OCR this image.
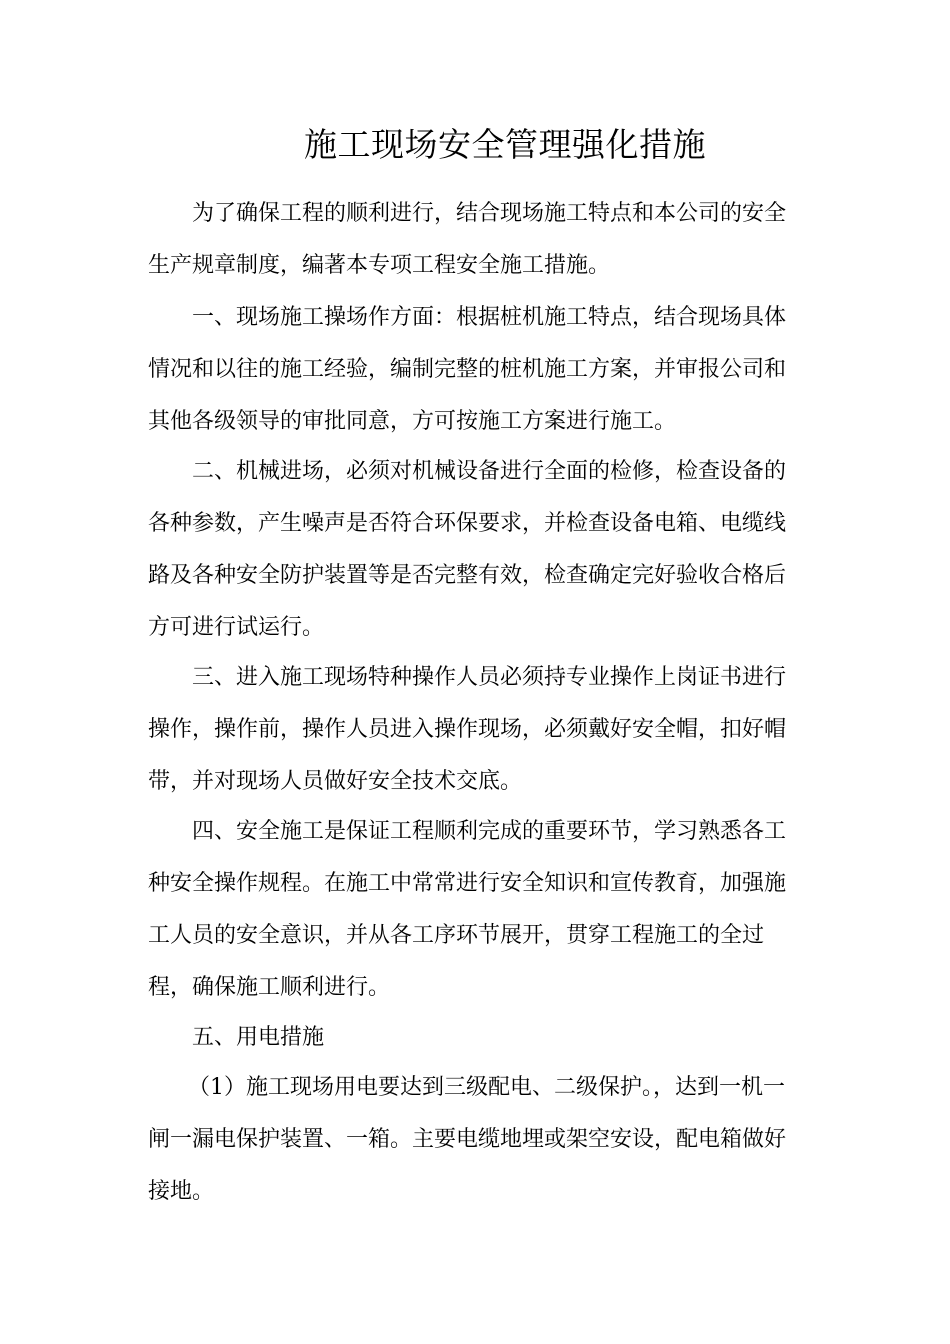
施工现场安全管理强化措施
为了确保工程的顺利进行，结合现场施工特点和本公司的安全
生产规章制度，编著本专项工程安全施工措施。
一、现场施工操场作方面：根据桩机施工特点，结合现场具体
情况和以往的施工经验，编制完整的桩机施工方案，并审报公司和
其他各级领导的审批同意，方可按施工方案进行施工。
二、机械进场，必须对机械设备进行全面的检修，检查设备的
各种参数，产生噪声是否符合环保要求，并检查设备电箱、电缆线
路及各种安全防护装置等是否完整有效，检查确定完好验收合格后
方可进行试运行。
三、进入施工现场特种操作人员必须持专业操作上岗证书进行
操作，操作前，操作人员进入操作现场，必须戴好安全帽，扣好帽
带，并对现场人员做好安全技术交底。
四、安全施工是保证工程顺利完成的重要环节，学习熟悉各工
种安全操作规程。在施工中常常进行安全知识和宣传教育，加强施
工人员的安全意识，并从各工序环节展开，贯穿工程施工的全过
程，确保施工顺利进行。
五、用电措施
（1）施工现场用电要达到三级配电、二级保护。，达到一机一
闸一漏电保护装置、一箱。主要电缆地埋或架空安设，配电箱做好
接地。
